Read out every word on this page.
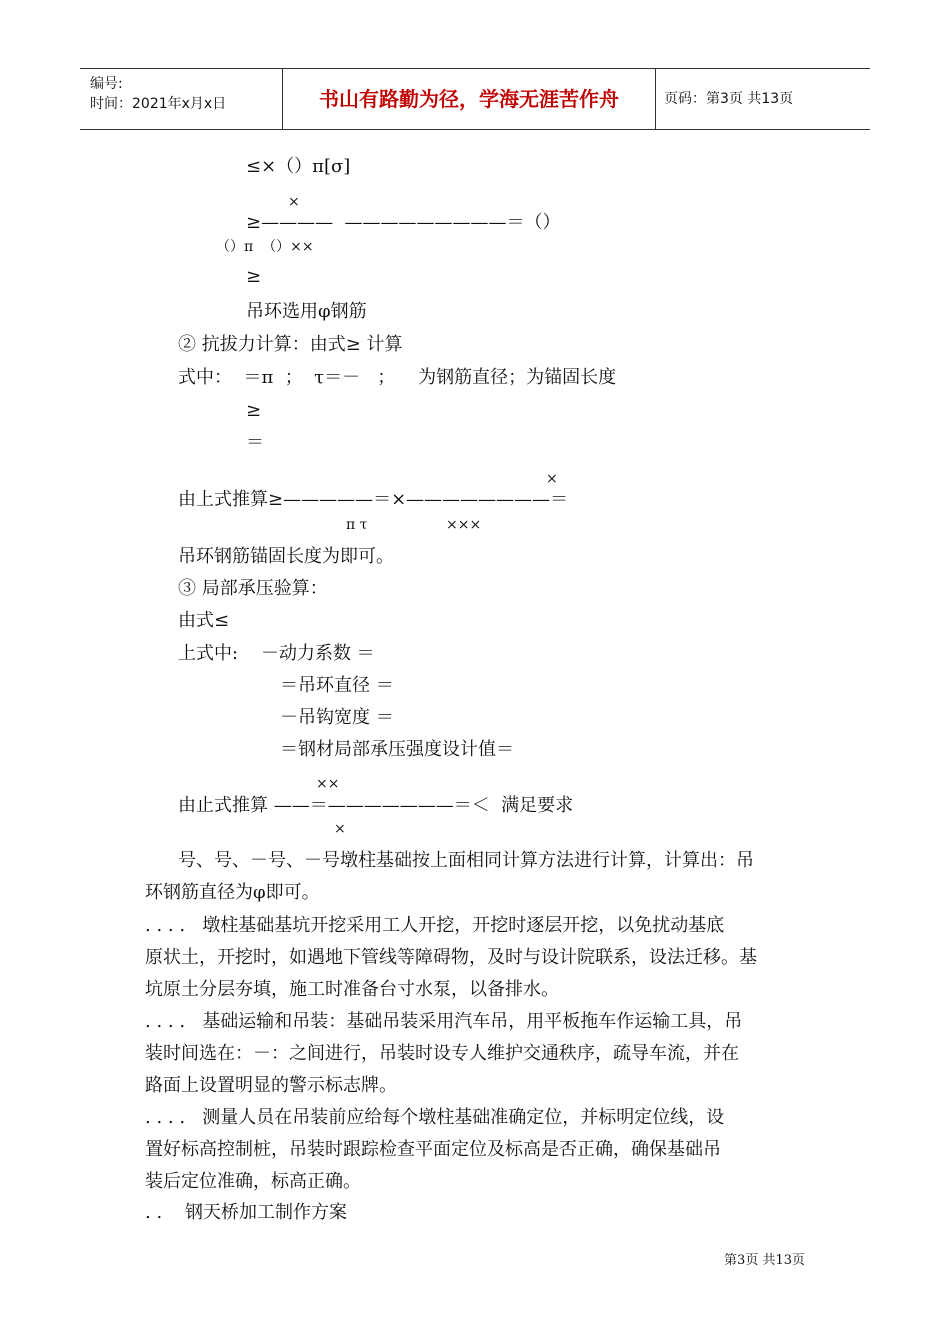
编号:
时间：2021年x月x日	书山有路勤为径，学海无涯苦作舟	页码：第3页 共13页
≤×（）π[σ]
×
≥————  —————————＝（）
（）π  （）××
≥
吊环选用φ钢筋
② 抗拔力计算：由式≥ 计算
式中：  ＝π  ；  τ＝－   ；    为钢筋直径；为锚固长度
≥
＝
×
由上式推算≥—————＝×————————＝
π τ	×××
吊环钢筋锚固长度为即可。
③ 局部承压验算：
由式≤
上式中:    －动力系数 ＝
＝吊环直径 ＝
－吊钩宽度 ＝
＝钢材局部承压强度设计值＝
××
由止式推算 ——＝———————＝＜  满足要求
×
号、号、－号、－号墩柱基础按上面相同计算方法进行计算，计算出：吊
环钢筋直径为φ即可。
. . . .   墩柱基础基坑开挖采用工人开挖，开挖时逐层开挖，以免扰动基底
原状土，开挖时，如遇地下管线等障碍物，及时与设计院联系，设法迁移。基
坑原土分层夯填，施工时准备台寸水泵，以备排水。
. . . .   基础运输和吊装：基础吊装采用汽车吊，用平板拖车作运输工具，吊
装时间选在：－：之间进行，吊装时设专人维护交通秩序，疏导车流，并在
路面上设置明显的警示标志牌。
. . . .   测量人员在吊装前应给每个墩柱基础准确定位，并标明定位线，设
置好标高控制桩，吊装时跟踪检查平面定位及标高是否正确，确保基础吊
装后定位准确，标高正确。
. .    钢天桥加工制作方案
第3页 共13页
